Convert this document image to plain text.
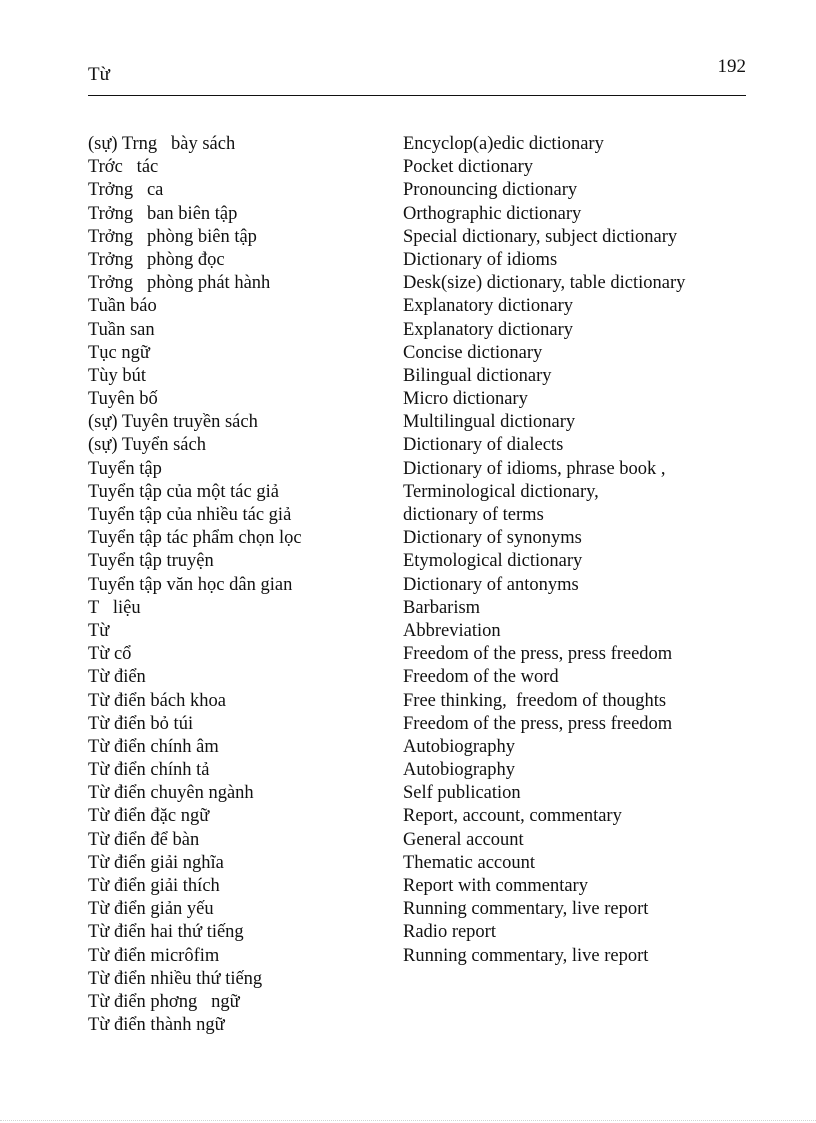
Từ	192
(sự) Trng   bày sách
Trớc   tác
Trởng   ca
Trởng   ban biên tập
Trởng   phòng biên tập
Trởng   phòng đọc
Trởng   phòng phát hành
Tuần báo
Tuần san
Tục ngữ
Tùy bút
Tuyên bố
(sự) Tuyên truyền sách
(sự) Tuyển sách
Tuyển tập
Tuyển tập của một tác giả
Tuyển tập của nhiều tác giả
Tuyển tập tác phẩm chọn lọc
Tuyển tập truyện
Tuyển tập văn học dân gian
T   liệu
Từ
Từ cổ
Từ điển
Từ điển bách khoa
Từ điển bỏ túi
Từ điển chính âm
Từ điển chính tả
Từ điển chuyên ngành
Từ điển đặc ngữ
Từ điển để bàn
Từ điển giải nghĩa
Từ điển giải thích
Từ điển giản yếu
Từ điển hai thứ tiếng
Từ điển micrôfim
Từ điển nhiều thứ tiếng
Từ điển phơng   ngữ
Từ điển thành ngữ
Encyclop(a)edic dictionary
Pocket dictionary
Pronouncing dictionary
Orthographic dictionary
Special dictionary, subject dictionary
Dictionary of idioms
Desk(size) dictionary, table dictionary
Explanatory dictionary
Explanatory dictionary
Concise dictionary
Bilingual dictionary
Micro dictionary
Multilingual dictionary
Dictionary of dialects
Dictionary of idioms, phrase book ,
Terminological dictionary,
dictionary of terms
Dictionary of synonyms
Etymological dictionary
Dictionary of antonyms
Barbarism
Abbreviation
Freedom of the press, press freedom
Freedom of the word
Free thinking,  freedom of thoughts
Freedom of the press, press freedom
Autobiography
Autobiography
Self publication
Report, account, commentary
General account
Thematic account
Report with commentary
Running commentary, live report
Radio report
Running commentary, live report
